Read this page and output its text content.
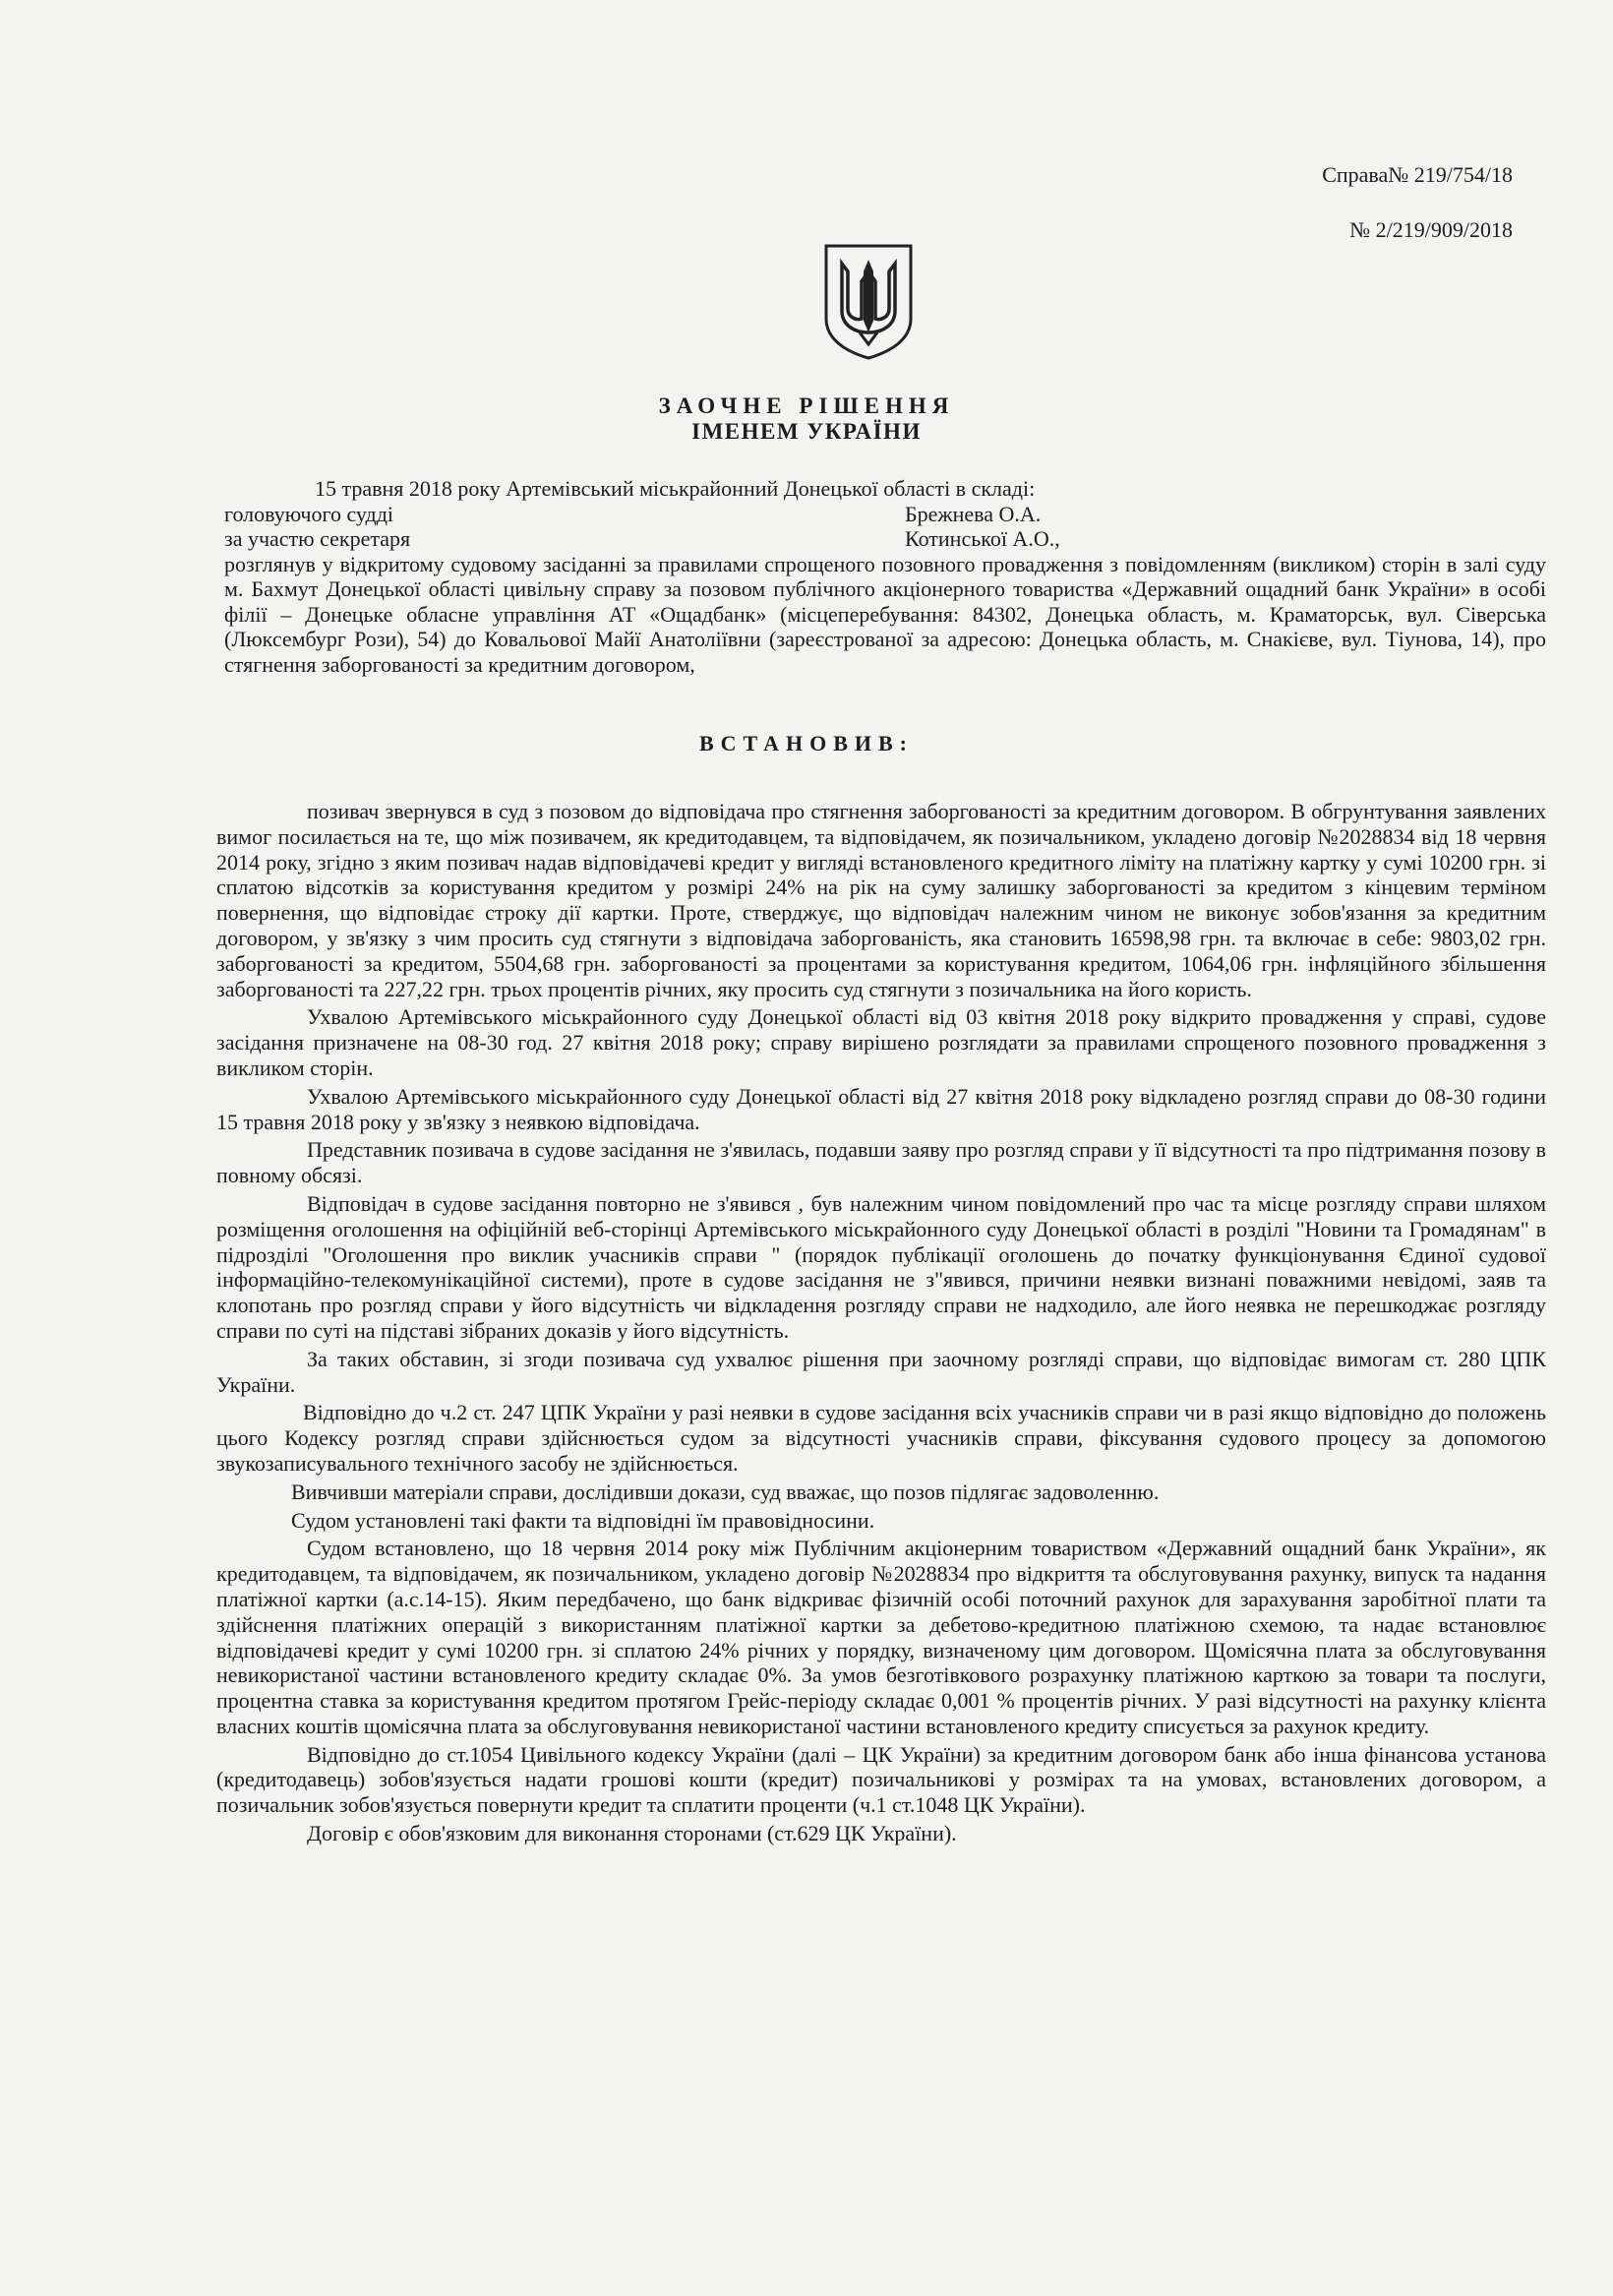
Справа№ 219/754/18

№ 2/219/909/2018

ЗАОЧНЕ РІШЕННЯ

ІМЕНЕМ УКРАЇНИ

15 травня 2018 року Артемівський міськрайонний Донецької області в складі:

головуючого судді	Брежнева О.А.
за участю секретаря	Котинської А.О.,

розглянув у відкритому судовому засіданні за правилами спрощеного позовного провадження з повідомленням (викликом) сторін в залі суду м. Бахмут Донецької області цивільну справу за позовом публічного акціонерного товариства «Державний ощадний банк України» в особі філії – Донецьке обласне управління АТ «Ощадбанк» (місцеперебування: 84302, Донецька область, м. Краматорськ, вул. Сіверська (Люксембург Рози), 54) до Ковальової Майї Анатоліївни (зареєстрованої за адресою: Донецька область, м. Снакієве, вул. Тіунова, 14), про стягнення заборгованості за кредитним договором,

ВСТАНОВИВ:

позивач звернувся в суд з позовом до відповідача про стягнення заборгованості за кредитним договором. В обгрунтування заявлених вимог посилається на те, що між позивачем, як кредитодавцем, та відповідачем, як позичальником, укладено договір №2028834 від 18 червня 2014 року, згідно з яким позивач надав відповідачеві кредит у вигляді встановленого кредитного ліміту на платіжну картку у сумі 10200 грн. зі сплатою відсотків за користування кредитом у розмірі 24% на рік на суму залишку заборгованості за кредитом з кінцевим терміном повернення, що відповідає строку дії картки. Проте, стверджує, що відповідач належним чином не виконує зобов'язання за кредитним договором, у зв'язку з чим просить суд стягнути з відповідача заборгованість, яка становить 16598,98 грн. та включає в себе: 9803,02 грн. заборгованості за кредитом, 5504,68 грн. заборгованості за процентами за користування кредитом, 1064,06 грн. інфляційного збільшення заборгованості та 227,22 грн. трьох процентів річних, яку просить суд стягнути з позичальника на його користь.

Ухвалою Артемівського міськрайонного суду Донецької області від 03 квітня 2018 року відкрито провадження у справі, судове засідання призначене на 08-30 год. 27 квітня 2018 року; справу вирішено розглядати за правилами спрощеного позовного провадження з викликом сторін.

Ухвалою Артемівського міськрайонного суду Донецької області від 27 квітня 2018 року відкладено розгляд справи до 08-30 години 15 травня 2018 року у зв'язку з неявкою відповідача.

Представник позивача в судове засідання не з'явилась, подавши заяву про розгляд справи у її відсутності та про підтримання позову в повному обсязі.

Відповідач в судове засідання повторно не з'явився , був належним чином повідомлений про час та місце розгляду справи шляхом розміщення оголошення на офіційній веб-сторінці Артемівського міськрайонного суду Донецької області в розділі "Новини та Громадянам" в підрозділі "Оголошення про виклик учасників справи " (порядок публікації оголошень до початку функціонування Єдиної судової інформаційно-телекомунікаційної системи), проте в судове засідання не з"явився, причини неявки визнані поважними невідомі, заяв та клопотань про розгляд справи у його відсутність чи відкладення розгляду справи не надходило, але його неявка не перешкоджає розгляду справи по суті на підставі зібраних доказів у його відсутність.

За таких обставин, зі згоди позивача суд ухвалює рішення при заочному розгляді справи, що відповідає вимогам ст. 280 ЦПК України.

Відповідно до ч.2 ст. 247 ЦПК України у разі неявки в судове засідання всіх учасників справи чи в разі якщо відповідно до положень цього Кодексу розгляд справи здійснюється судом за відсутності учасників справи, фіксування судового процесу за допомогою звукозаписувального технічного засобу не здійснюється.

Вивчивши матеріали справи, дослідивши докази, суд вважає, що позов підлягає задоволенню.

Судом установлені такі факти та відповідні їм правовідносини.

Судом встановлено, що 18 червня 2014 року між Публічним акціонерним товариством «Державний ощадний банк України», як кредитодавцем, та відповідачем, як позичальником, укладено договір №2028834 про відкриття та обслуговування рахунку, випуск та надання платіжної картки (а.с.14-15). Яким передбачено, що банк відкриває фізичній особі поточний рахунок для зарахування заробітної плати та здійснення платіжних операцій з використанням платіжної картки за дебетово-кредитною платіжною схемою, та надає встановлює відповідачеві кредит у сумі 10200 грн. зі сплатою 24% річних у порядку, визначеному цим договором. Щомісячна плата за обслуговування невикористаної частини встановленого кредиту складає 0%. За умов безготівкового розрахунку платіжною карткою за товари та послуги, процентна ставка за користування кредитом протягом Грейс-періоду складає 0,001 % процентів річних. У разі відсутності на рахунку клієнта власних коштів щомісячна плата за обслуговування невикористаної частини встановленого кредиту списується за рахунок кредиту.

Відповідно до ст.1054 Цивільного кодексу України (далі – ЦК України) за кредитним договором банк або інша фінансова установа (кредитодавець) зобов'язується надати грошові кошти (кредит) позичальникові у розмірах та на умовах, встановлених договором, а позичальник зобов'язується повернути кредит та сплатити проценти (ч.1 ст.1048 ЦК України).

Договір є обов'язковим для виконання сторонами (ст.629 ЦК України).
